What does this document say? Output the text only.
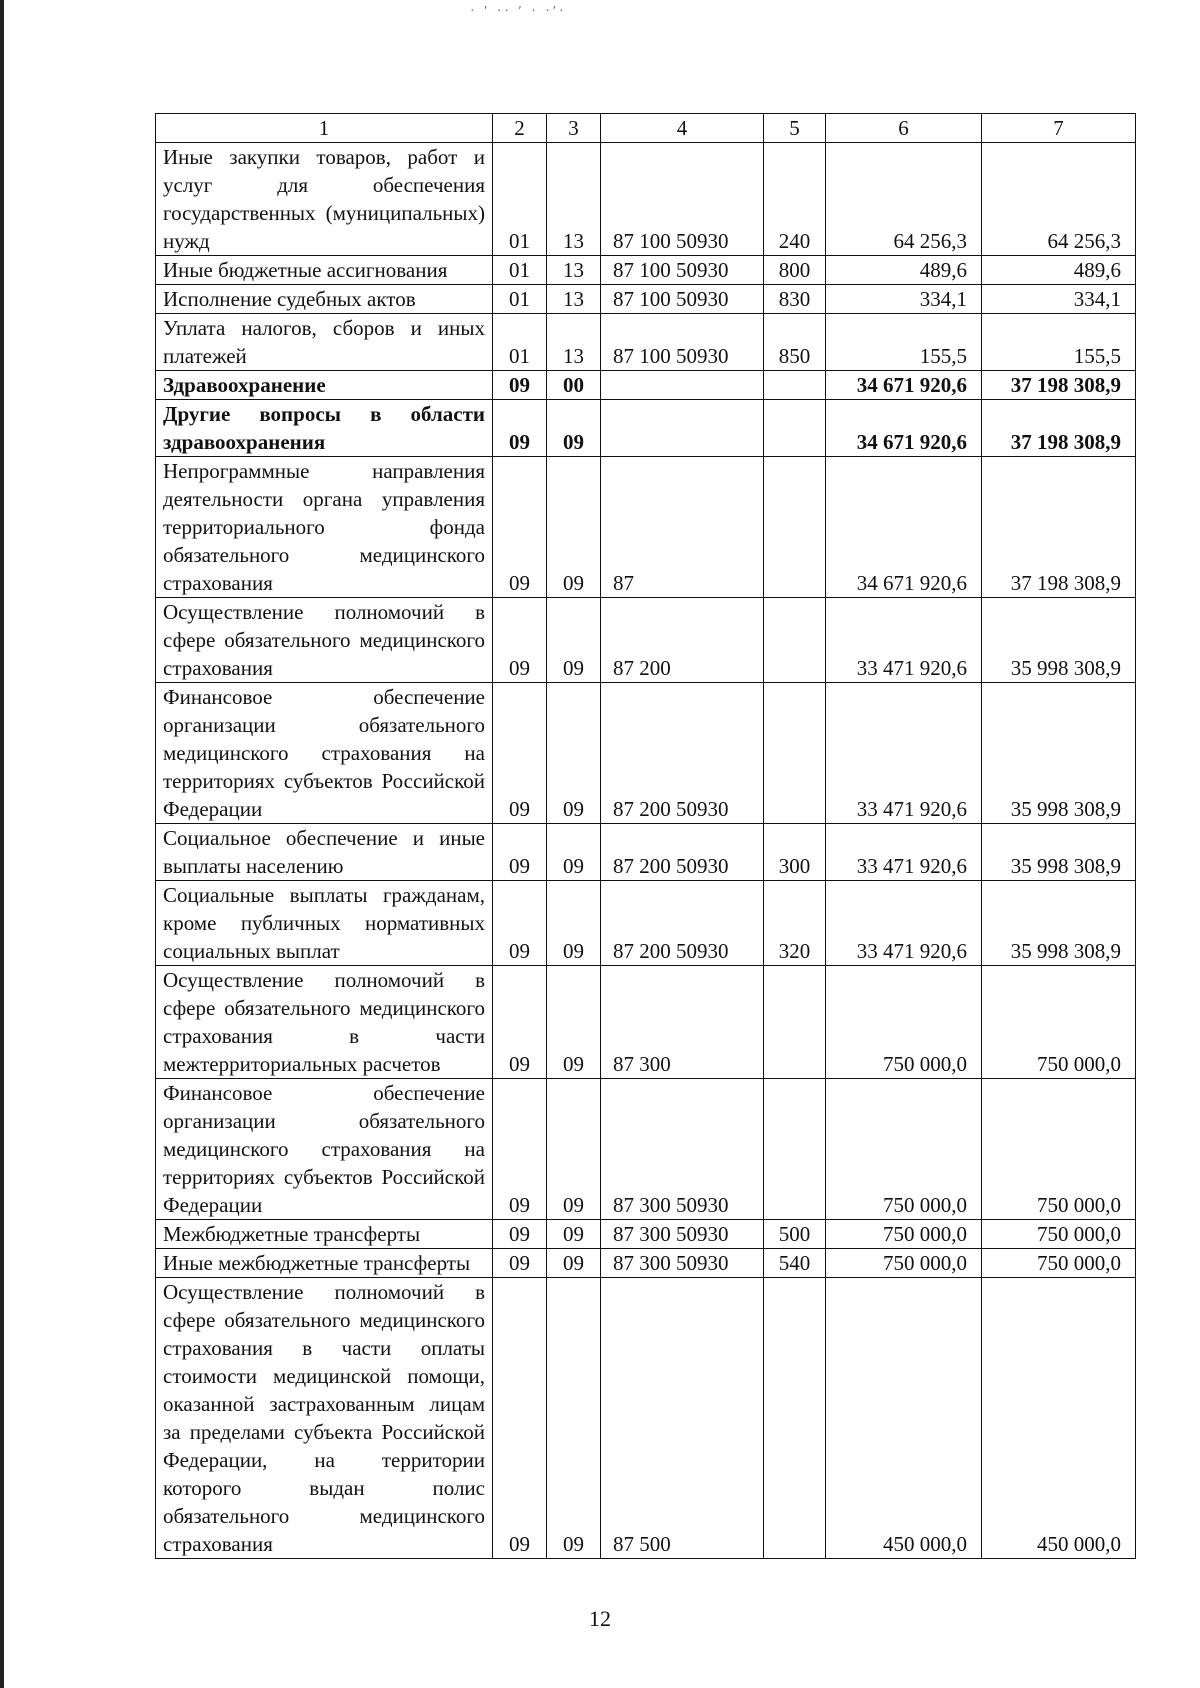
· ′ ·· ′ · ·′·
1	2	3	4	5	6	7
Иные закупки товаров, работ и услуг для обеспечения государственных (муниципальных) нужд	01	13	87 100 50930	240	64 256,3	64 256,3
Иные бюджетные ассигнования	01	13	87 100 50930	800	489,6	489,6
Исполнение судебных актов	01	13	87 100 50930	830	334,1	334,1
Уплата налогов, сборов и иных платежей	01	13	87 100 50930	850	155,5	155,5
Здравоохранение	09	00			34 671 920,6	37 198 308,9
Другие вопросы в области здравоохранения	09	09			34 671 920,6	37 198 308,9
Непрограммные направления деятельности органа управления территориального фонда обязательного медицинского страхования	09	09	87		34 671 920,6	37 198 308,9
Осуществление полномочий в сфере обязательного медицинского страхования	09	09	87 200		33 471 920,6	35 998 308,9
Финансовое обеспечение организации обязательного медицинского страхования на территориях субъектов Российской Федерации	09	09	87 200 50930		33 471 920,6	35 998 308,9
Социальное обеспечение и иные выплаты населению	09	09	87 200 50930	300	33 471 920,6	35 998 308,9
Социальные выплаты гражданам, кроме публичных нормативных социальных выплат	09	09	87 200 50930	320	33 471 920,6	35 998 308,9
Осуществление полномочий в сфере обязательного медицинского страхования в части межтерриториальных расчетов	09	09	87 300		750 000,0	750 000,0
Финансовое обеспечение организации обязательного медицинского страхования на территориях субъектов Российской Федерации	09	09	87 300 50930		750 000,0	750 000,0
Межбюджетные трансферты	09	09	87 300 50930	500	750 000,0	750 000,0
Иные межбюджетные трансферты	09	09	87 300 50930	540	750 000,0	750 000,0
Осуществление полномочий в сфере обязательного медицинского страхования в части оплаты стоимости медицинской помощи, оказанной застрахованным лицам за пределами субъекта Российской Федерации, на территории которого выдан полис обязательного медицинского страхования	09	09	87 500		450 000,0	450 000,0
12
